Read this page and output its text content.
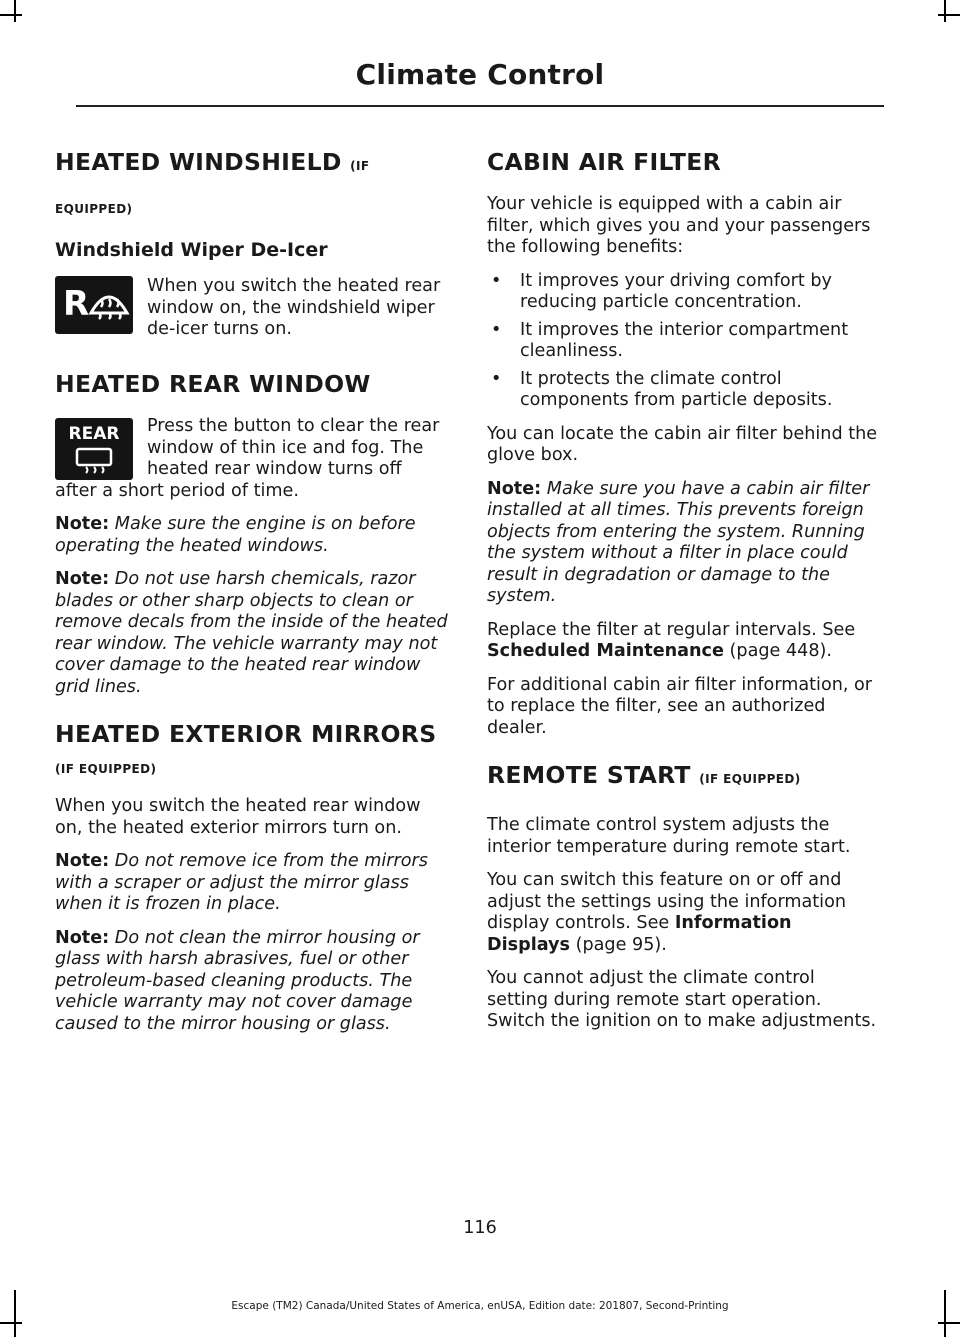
Climate Control
HEATED WINDSHIELD (IF
EQUIPPED)
Windshield Wiper De-Icer
R	When you switch the heated rear window on, the windshield wiper de-icer turns on.

HEATED REAR WINDOW
REAR	Press the button to clear the rear window of thin ice and fog. The heated rear window turns off after a short period of time.

Note: Make sure the engine is on before operating the heated windows.

Note: Do not use harsh chemicals, razor blades or other sharp objects to clean or remove decals from the inside of the heated rear window. The vehicle warranty may not cover damage to the heated rear window grid lines.

HEATED EXTERIOR MIRRORS
(IF EQUIPPED)

When you switch the heated rear window on, the heated exterior mirrors turn on.

Note: Do not remove ice from the mirrors with a scraper or adjust the mirror glass when it is frozen in place.

Note: Do not clean the mirror housing or glass with harsh abrasives, fuel or other petroleum-based cleaning products. The vehicle warranty may not cover damage caused to the mirror housing or glass.

CABIN AIR FILTER

Your vehicle is equipped with a cabin air filter, which gives you and your passengers the following benefits:

• It improves your driving comfort by reducing particle concentration.
• It improves the interior compartment cleanliness.
• It protects the climate control components from particle deposits.

You can locate the cabin air filter behind the glove box.

Note: Make sure you have a cabin air filter installed at all times. This prevents foreign objects from entering the system. Running the system without a filter in place could result in degradation or damage to the system.

Replace the filter at regular intervals. See Scheduled Maintenance (page 448).

For additional cabin air filter information, or to replace the filter, see an authorized dealer.

REMOTE START (IF EQUIPPED)

The climate control system adjusts the interior temperature during remote start.

You can switch this feature on or off and adjust the settings using the information display controls. See Information Displays (page 95).

You cannot adjust the climate control setting during remote start operation. Switch the ignition on to make adjustments.

116
Escape (TM2) Canada/United States of America, enUSA, Edition date: 201807, Second-Printing
